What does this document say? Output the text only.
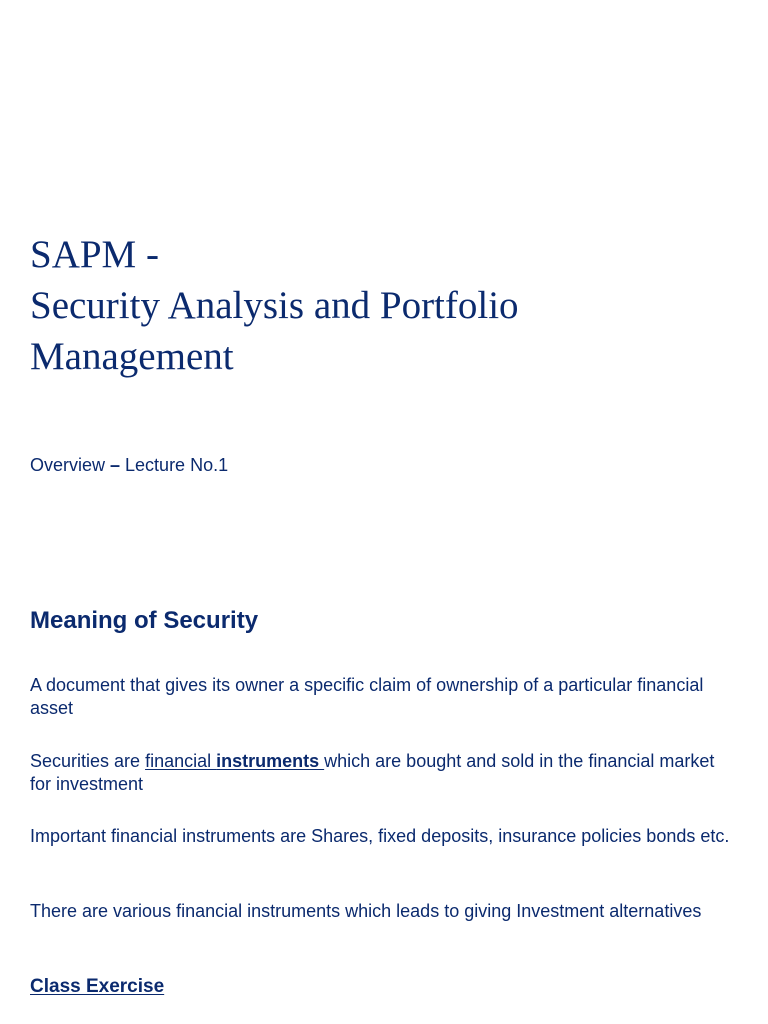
SAPM -
Security Analysis and Portfolio
Management

Overview – Lecture No.1

Meaning of Security

A document that gives its owner a specific claim of ownership of a particular financial asset

Securities are financial instruments which are bought and sold in the financial market for investment

Important financial instruments are Shares, fixed deposits, insurance policies bonds etc.

There are various financial instruments which leads to giving Investment alternatives

Class Exercise
